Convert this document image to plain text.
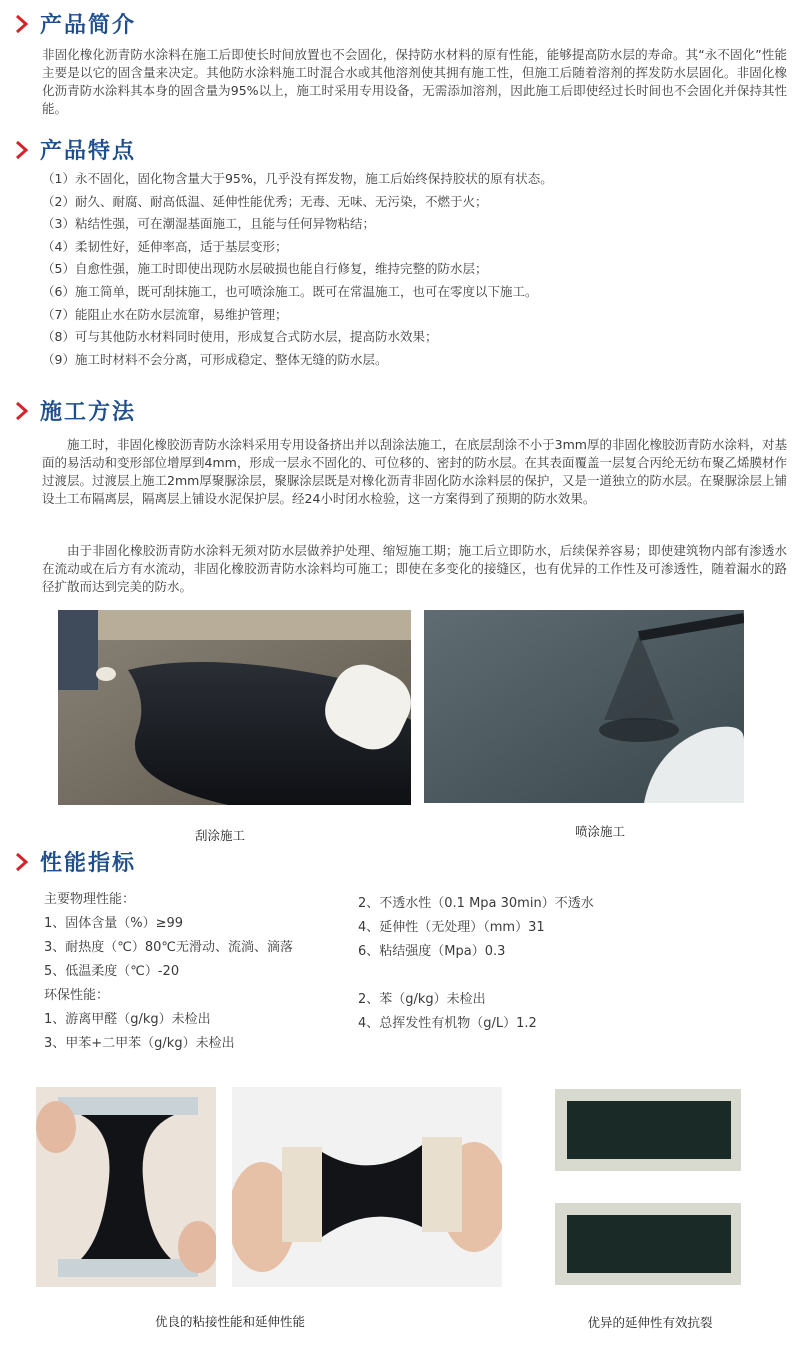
产品简介
非固化橡化沥青防水涂料在施工后即使长时间放置也不会固化，保持防水材料的原有性能，能够提高防水层的寿命。其“永不固化”性能主要是以它的固含量来决定。其他防水涂料施工时混合水或其他溶剂使其拥有施工性，但施工后随着溶剂的挥发防水层固化。非固化橡化沥青防水涂料其本身的固含量为95%以上，施工时采用专用设备，无需添加溶剂，因此施工后即使经过长时间也不会固化并保持其性能。
产品特点
（1）永不固化，固化物含量大于95%，几乎没有挥发物，施工后始终保持胶状的原有状态。
（2）耐久、耐腐、耐高低温、延伸性能优秀；无毒、无味、无污染，不燃于火；
（3）粘结性强，可在潮湿基面施工，且能与任何异物粘结；
（4）柔韧性好，延伸率高，适于基层变形；
（5）自愈性强，施工时即使出现防水层破损也能自行修复，维持完整的防水层；
（6）施工简单，既可刮抹施工，也可喷涂施工。既可在常温施工，也可在零度以下施工。
（7）能阻止水在防水层流窜，易维护管理；
（8）可与其他防水材料同时使用，形成复合式防水层，提高防水效果；
（9）施工时材料不会分离，可形成稳定、整体无缝的防水层。
施工方法
施工时，非固化橡胶沥青防水涂料采用专用设备挤出并以刮涂法施工，在底层刮涂不小于3mm厚的非固化橡胶沥青防水涂料，对基面的易活动和变形部位增厚到4mm，形成一层永不固化的、可位移的、密封的防水层。在其表面覆盖一层复合丙纶无纺布聚乙烯膜材作过渡层。过渡层上施工2mm厚聚脲涂层，聚脲涂层既是对橡化沥青非固化防水涂料层的保护，又是一道独立的防水层。在聚脲涂层上铺设土工布隔离层，隔离层上铺设水泥保护层。经24小时闭水检验，这一方案得到了预期的防水效果。
由于非固化橡胶沥青防水涂料无须对防水层做养护处理、缩短施工期；施工后立即防水，后续保养容易；即使建筑物内部有渗透水在流动或在后方有水流动，非固化橡胶沥青防水涂料均可施工；即使在多变化的接缝区，也有优异的工作性及可渗透性，随着漏水的路径扩散而达到完美的防水。
刮涂施工	喷涂施工
性能指标
主要物理性能：
1、固体含量（%）≥99
3、耐热度（℃）80℃无滑动、流淌、滴落
5、低温柔度（℃）-20
2、不透水性（0.1 Mpa 30min）不透水
4、延伸性（无处理）（mm）31
6、粘结强度（Mpa）0.3
环保性能：
1、游离甲醛（g/kg）未检出
3、甲苯+二甲苯（g/kg）未检出
2、苯（g/kg）未检出
4、总挥发性有机物（g/L）1.2
优良的粘接性能和延伸性能	优异的延伸性有效抗裂
